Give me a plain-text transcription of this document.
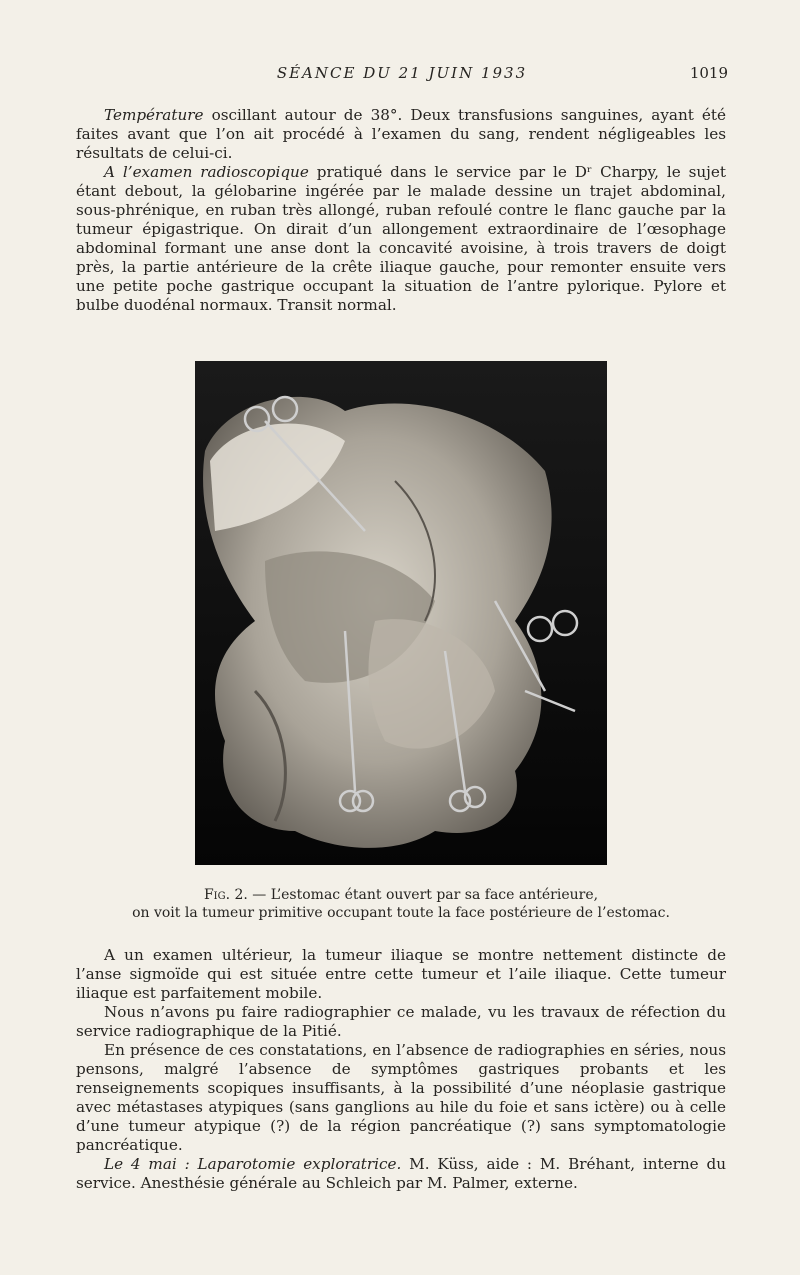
SÉANCE DU 21 JUIN 1933	1019

Température oscillant autour de 38°. Deux transfusions sanguines, ayant été faites avant que l’on ait procédé à l’examen du sang, rendent négligeables les résultats de celui-ci.

A l’examen radioscopique pratiqué dans le service par le Dʳ Charpy, le sujet étant debout, la gélobarine ingérée par le malade dessine un trajet abdominal, sous-phrénique, en ruban très allongé, ruban refoulé contre le flanc gauche par la tumeur épigastrique. On dirait d’un allongement extraordinaire de l’œsophage abdominal formant une anse dont la concavité avoisine, à trois travers de doigt près, la partie antérieure de la crête iliaque gauche, pour remonter ensuite vers une petite poche gastrique occupant la situation de l’antre pylorique. Pylore et bulbe duodénal normaux. Transit normal.

Fig. 2. — L’estomac étant ouvert par sa face antérieure,
on voit la tumeur primitive occupant toute la face postérieure de l’estomac.

A un examen ultérieur, la tumeur iliaque se montre nettement distincte de l’anse sigmoïde qui est située entre cette tumeur et l’aile iliaque. Cette tumeur iliaque est parfaitement mobile.

Nous n’avons pu faire radiographier ce malade, vu les travaux de réfection du service radiographique de la Pitié.

En présence de ces constatations, en l’absence de radiographies en séries, nous pensons, malgré l’absence de symptômes gastriques probants et les renseignements scopiques insuffisants, à la possibilité d’une néoplasie gastrique avec métastases atypiques (sans ganglions au hile du foie et sans ictère) ou à celle d’une tumeur atypique (?) de la région pancréatique (?) sans symptomatologie pancréatique.

Le 4 mai : Laparotomie exploratrice. M. Küss, aide : M. Bréhant, interne du service. Anesthésie générale au Schleich par M. Palmer, externe.
